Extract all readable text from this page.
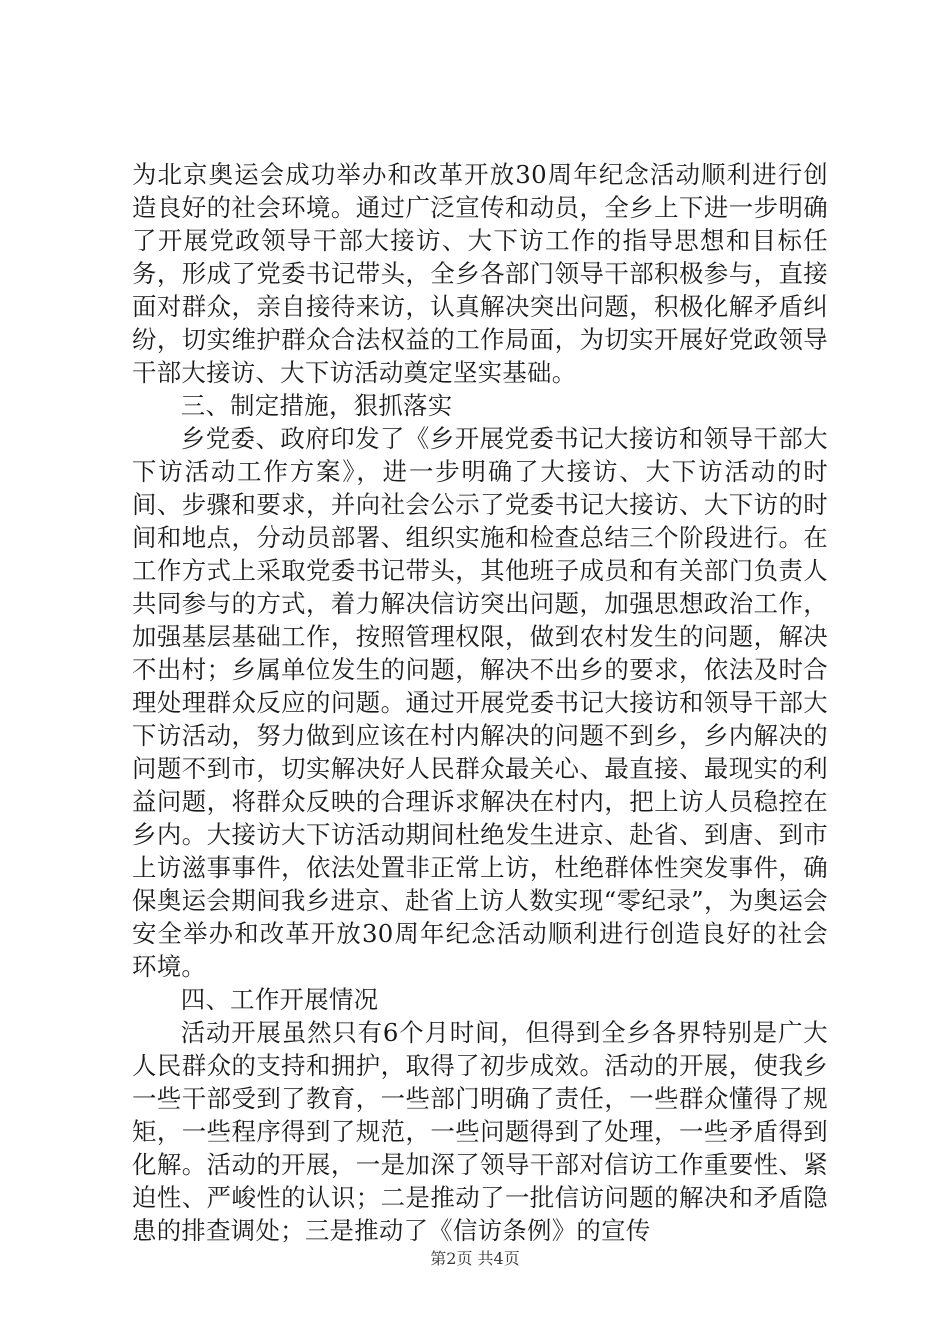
为北京奥运会成功举办和改革开放30周年纪念活动顺利进行创造良好的社会环境。通过广泛宣传和动员，全乡上下进一步明确了开展党政领导干部大接访、大下访工作的指导思想和目标任务，形成了党委书记带头，全乡各部门领导干部积极参与，直接面对群众，亲自接待来访，认真解决突出问题，积极化解矛盾纠纷，切实维护群众合法权益的工作局面，为切实开展好党政领导干部大接访、大下访活动奠定坚实基础。

三、制定措施，狠抓落实

乡党委、政府印发了《乡开展党委书记大接访和领导干部大下访活动工作方案》，进一步明确了大接访、大下访活动的时间、步骤和要求，并向社会公示了党委书记大接访、大下访的时间和地点，分动员部署、组织实施和检查总结三个阶段进行。在工作方式上采取党委书记带头，其他班子成员和有关部门负责人共同参与的方式，着力解决信访突出问题，加强思想政治工作，加强基层基础工作，按照管理权限，做到农村发生的问题，解决不出村；乡属单位发生的问题，解决不出乡的要求，依法及时合理处理群众反应的问题。通过开展党委书记大接访和领导干部大下访活动，努力做到应该在村内解决的问题不到乡，乡内解决的问题不到市，切实解决好人民群众最关心、最直接、最现实的利益问题，将群众反映的合理诉求解决在村内，把上访人员稳控在乡内。大接访大下访活动期间杜绝发生进京、赴省、到唐、到市上访滋事事件，依法处置非正常上访，杜绝群体性突发事件，确保奥运会期间我乡进京、赴省上访人数实现“零纪录”，为奥运会安全举办和改革开放30周年纪念活动顺利进行创造良好的社会环境。

四、工作开展情况

活动开展虽然只有6个月时间，但得到全乡各界特别是广大人民群众的支持和拥护，取得了初步成效。活动的开展，使我乡一些干部受到了教育，一些部门明确了责任，一些群众懂得了规矩，一些程序得到了规范，一些问题得到了处理，一些矛盾得到化解。活动的开展，一是加深了领导干部对信访工作重要性、紧迫性、严峻性的认识；二是推动了一批信访问题的解决和矛盾隐患的排查调处；三是推动了《信访条例》的宣传

第2页 共4页
